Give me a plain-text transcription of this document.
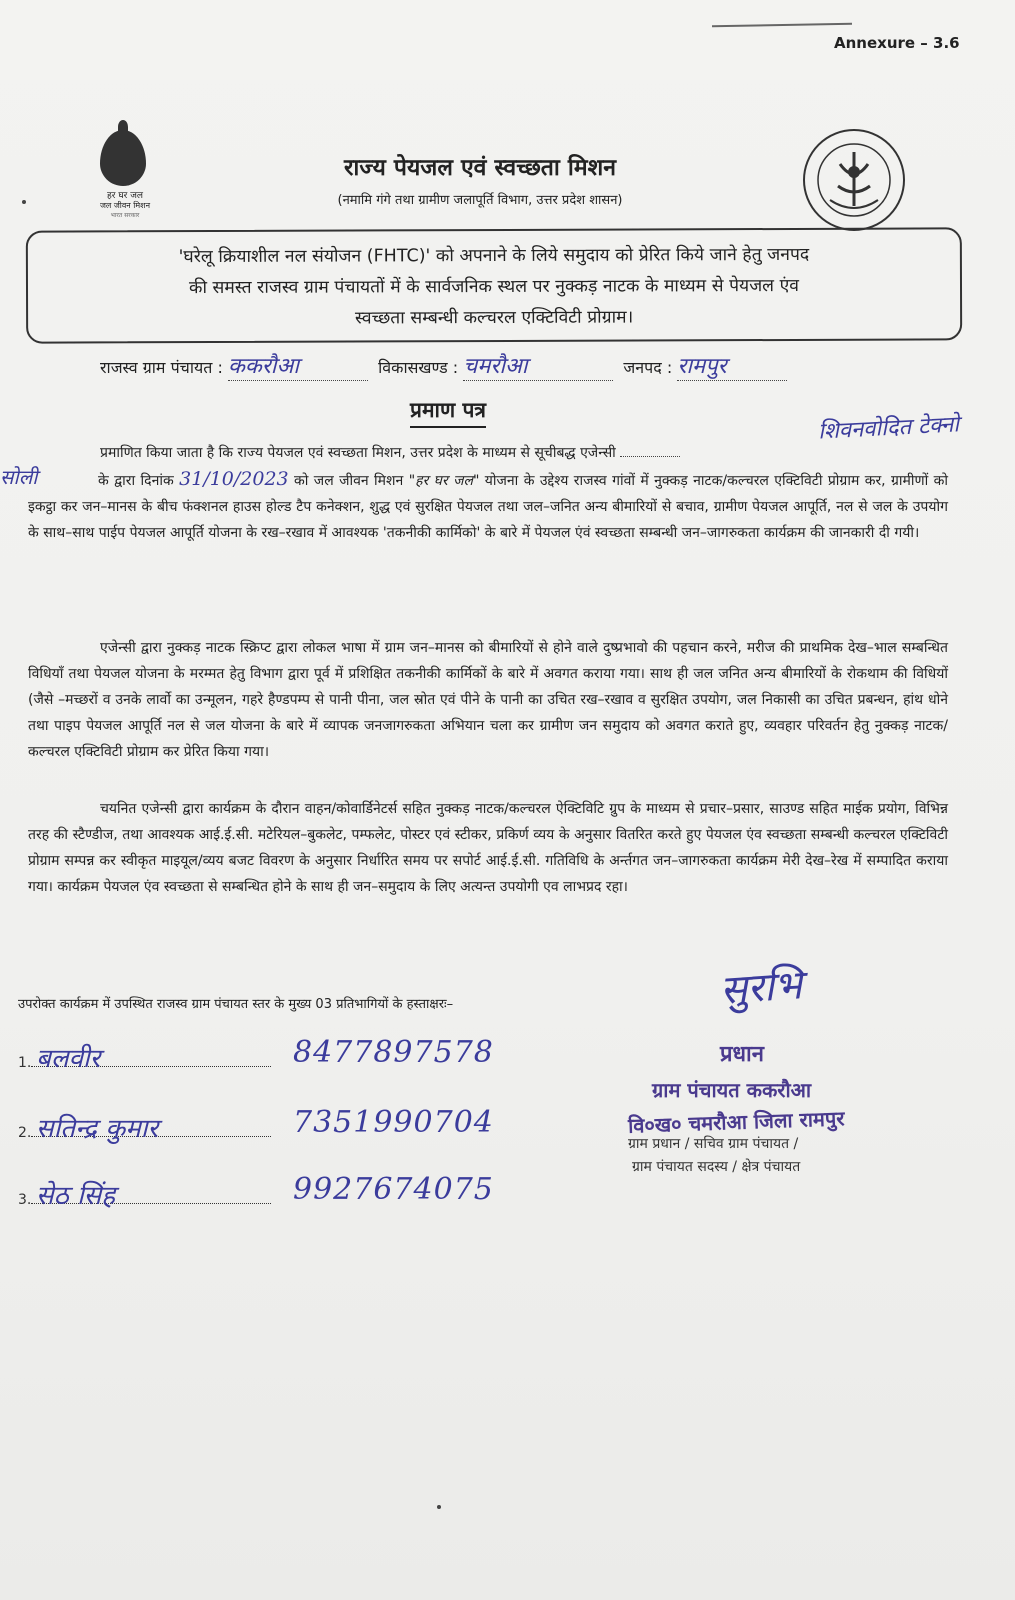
Annexure – 3.6
हर घर जल
जल जीवन मिशन
भारत सरकार
राज्य पेयजल एवं स्वच्छता मिशन
(नमामि गंगे तथा ग्रामीण जलापूर्ति विभाग, उत्तर प्रदेश शासन)
'घरेलू क्रियाशील नल संयोजन (FHTC)' को अपनाने के लिये समुदाय को प्रेरित किये जाने हेतु जनपद
की समस्त राजस्व ग्राम पंचायतों में के सार्वजनिक स्थल पर नुक्कड़ नाटक के माध्यम से पेयजल एंव
स्वच्छता सम्बन्धी कल्चरल एक्टिविटी प्रोग्राम।
राजस्व ग्राम पंचायत : ककरौआ	विकासखण्ड : चमरौआ	जनपद : रामपुर
प्रमाण पत्र
शिवनवोदित टेक्नो
सोली
प्रमाणित किया जाता है कि राज्य पेयजल एवं स्वच्छता मिशन, उत्तर प्रदेश के माध्यम से सूचीबद्ध एजेन्सी
के द्वारा दिनांक 31/10/2023 को जल जीवन मिशन "हर घर जल" योजना के उद्देश्य राजस्व गांवों में नुक्कड़ नाटक/कल्चरल एक्टिविटी प्रोग्राम कर, ग्रामीणों को इकट्ठा कर जन–मानस के बीच फंक्शनल हाउस होल्ड टैप कनेक्शन, शुद्ध एवं सुरक्षित पेयजल तथा जल–जनित अन्य बीमारियों से बचाव, ग्रामीण पेयजल आपूर्ति, नल से जल के उपयोग के साथ–साथ पाईप पेयजल आपूर्ति योजना के रख–रखाव में आवश्यक 'तकनीकी कार्मिको' के बारे में पेयजल एंवं स्वच्छता सम्बन्धी जन–जागरुकता कार्यक्रम की जानकारी दी गयी।
एजेन्सी द्वारा नुक्कड़ नाटक स्क्रिप्ट द्वारा लोकल भाषा में ग्राम जन–मानस को बीमारियों से होने वाले दुष्प्रभावो की पहचान करने, मरीज की प्राथमिक देख–भाल सम्बन्धित विधियाँ तथा पेयजल योजना के मरम्मत हेतु विभाग द्वारा पूर्व में प्रशिक्षित तकनीकी कार्मिकों के बारे में अवगत कराया गया। साथ ही जल जनित अन्य बीमारियों के रोकथाम की विधियों (जैसे –मच्छरों व उनके लार्वो का उन्मूलन, गहरे हैण्डपम्प से पानी पीना, जल स्रोत एवं पीने के पानी का उचित रख–रखाव व सुरक्षित उपयोग, जल निकासी का उचित प्रबन्धन, हांथ धोने तथा पाइप पेयजल आपूर्ति नल से जल योजना के बारे में व्यापक जनजागरुकता अभियान चला कर ग्रामीण जन समुदाय को अवगत कराते हुए, व्यवहार परिवर्तन हेतु नुक्कड़ नाटक/कल्चरल एक्टिविटी प्रोग्राम कर प्रेरित किया गया।
चयनित एजेन्सी द्वारा कार्यक्रम के दौरान वाहन/कोवार्डिनेटर्स सहित नुक्कड़ नाटक/कल्चरल ऐक्टिविटि ग्रुप के माध्यम से प्रचार–प्रसार, साउण्ड सहित माईक प्रयोग, विभिन्न तरह की स्टैण्डीज, तथा आवश्यक आई.ई.सी. मटेरियल–बुकलेट, पम्फलेट, पोस्टर एवं स्टीकर, प्रकिर्ण व्यय के अनुसार वितरित करते हुए पेयजल एंव स्वच्छता सम्बन्धी कल्चरल एक्टिविटी प्रोग्राम सम्पन्न कर स्वीकृत माइयूल/व्यय बजट विवरण के अनुसार निर्धारित समय पर सपोर्ट आई.ई.सी. गतिविधि के अर्न्तगत जन–जागरुकता कार्यक्रम मेरी देख–रेख में सम्पादित कराया गया। कार्यक्रम पेयजल एंव स्वच्छता से सम्बन्धित होने के साथ ही जन–समुदाय के लिए अत्यन्त उपयोगी एव लाभप्रद रहा।
उपरोक्त कार्यक्रम में उपस्थित राजस्व ग्राम पंचायत स्तर के मुख्य 03 प्रतिभागियों के हस्ताक्षरः–
1. बलवीर	8477897578
2. सतिन्द्र कुमार	7351990704
3. सेठ सिंह	9927674075
सुरभि
प्रधान
ग्राम पंचायत ककरौआ
वि०ख० चमरौआ जिला रामपुर
ग्राम प्रधान / सचिव ग्राम पंचायत /
ग्राम पंचायत सदस्य / क्षेत्र पंचायत
